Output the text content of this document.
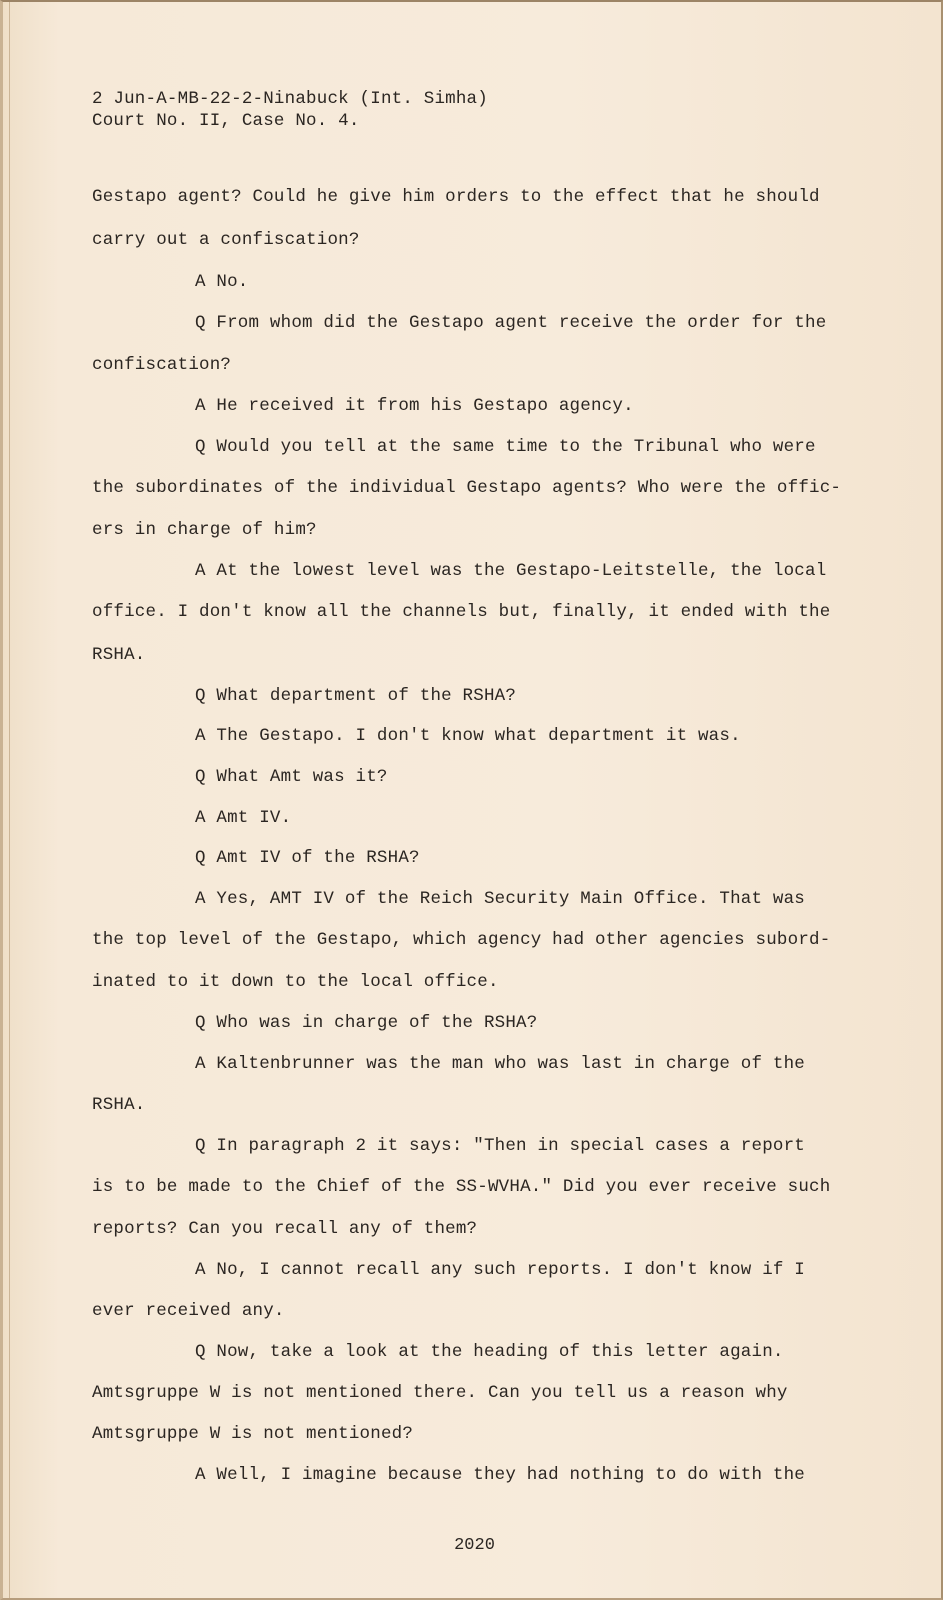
2 Jun-A-MB-22-2-Ninabuck (Int. Simha)
Court No. II, Case No. 4.
Gestapo agent? Could he give him orders to the effect that he should
carry out a confiscation?
A No.
Q From whom did the Gestapo agent receive the order for the
confiscation?
A He received it from his Gestapo agency.
Q Would you tell at the same time to the Tribunal who were
the subordinates of the individual Gestapo agents? Who were the offic-
ers in charge of him?
A At the lowest level was the Gestapo-Leitstelle, the local
office. I don't know all the channels but, finally, it ended with the
RSHA.
Q What department of the RSHA?
A The Gestapo. I don't know what department it was.
Q What Amt was it?
A Amt IV.
Q Amt IV of the RSHA?
A Yes, AMT IV of the Reich Security Main Office. That was
the top level of the Gestapo, which agency had other agencies subord-
inated to it down to the local office.
Q Who was in charge of the RSHA?
A Kaltenbrunner was the man who was last in charge of the
RSHA.
Q In paragraph 2 it says: "Then in special cases a report
is to be made to the Chief of the SS-WVHA." Did you ever receive such
reports? Can you recall any of them?
A No, I cannot recall any such reports. I don't know if I
ever received any.
Q Now, take a look at the heading of this letter again.
Amtsgruppe W is not mentioned there. Can you tell us a reason why
Amtsgruppe W is not mentioned?
A Well, I imagine because they had nothing to do with the
2020
